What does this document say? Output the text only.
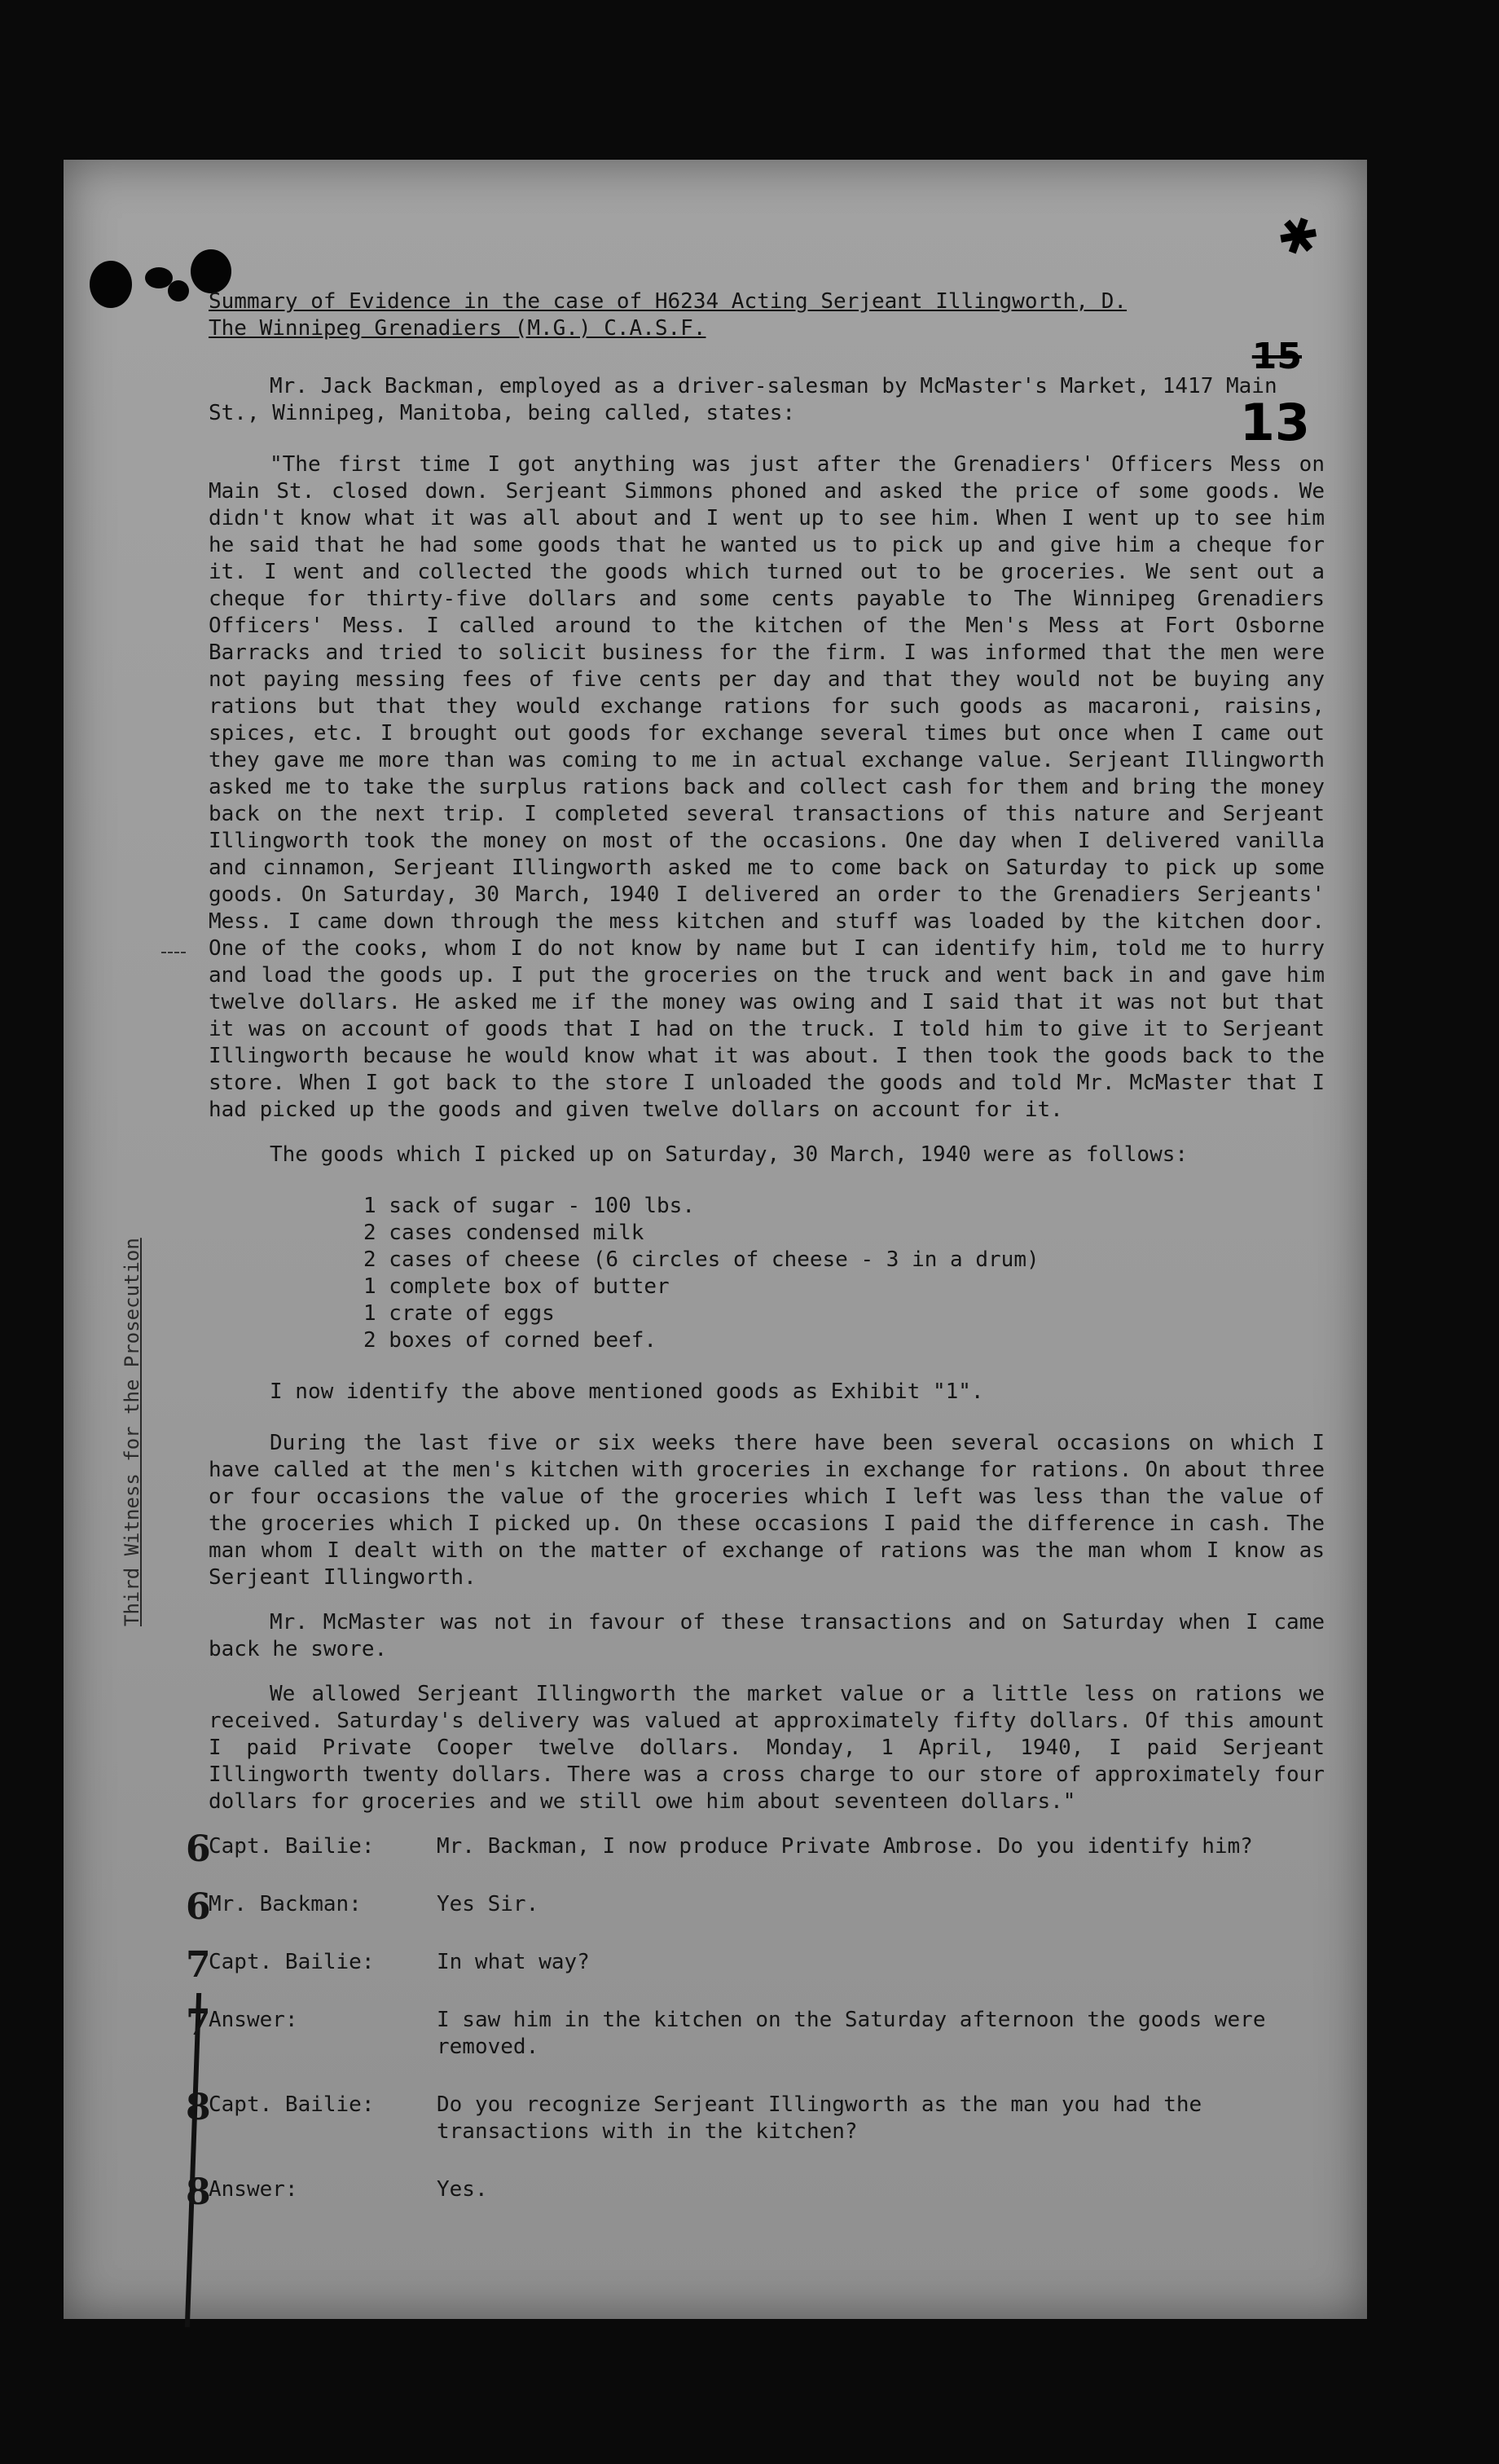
✱
15
13
Third Witness for the Prosecution
Summary of Evidence in the case of H6234 Acting Serjeant Illingworth, D.
The Winnipeg Grenadiers (M.G.) C.A.S.F.

Mr. Jack Backman, employed as a driver-salesman by McMaster's Market, 1417 Main St., Winnipeg, Manitoba, being called, states:

"The first time I got anything was just after the Grenadiers' Officers Mess on Main St. closed down. Serjeant Simmons phoned and asked the price of some goods. We didn't know what it was all about and I went up to see him. When I went up to see him he said that he had some goods that he wanted us to pick up and give him a cheque for it. I went and collected the goods which turned out to be groceries. We sent out a cheque for thirty-five dollars and some cents payable to The Winnipeg Grenadiers Officers' Mess. I called around to the kitchen of the Men's Mess at Fort Osborne Barracks and tried to solicit business for the firm. I was informed that the men were not paying messing fees of five cents per day and that they would not be buying any rations but that they would exchange rations for such goods as macaroni, raisins, spices, etc. I brought out goods for exchange several times but once when I came out they gave me more than was coming to me in actual exchange value. Serjeant Illingworth asked me to take the surplus rations back and collect cash for them and bring the money back on the next trip. I completed several transactions of this nature and Serjeant Illingworth took the money on most of the occasions. One day when I delivered vanilla and cinnamon, Serjeant Illingworth asked me to come back on Saturday to pick up some goods. On Saturday, 30 March, 1940 I delivered an order to the Grenadiers Serjeants' Mess. I came down through the mess kitchen and stuff was loaded by the kitchen door. One of the cooks, whom I do not know by name but I can identify him, told me to hurry and load the goods up. I put the groceries on the truck and went back in and gave him twelve dollars. He asked me if the money was owing and I said that it was not but that it was on account of goods that I had on the truck. I told him to give it to Serjeant Illingworth because he would know what it was about. I then took the goods back to the store. When I got back to the store I unloaded the goods and told Mr. McMaster that I had picked up the goods and given twelve dollars on account for it.

The goods which I picked up on Saturday, 30 March, 1940 were as follows:

1 sack of sugar - 100 lbs.
2 cases condensed milk
2 cases of cheese (6 circles of cheese - 3 in a drum)
1 complete box of butter
1 crate of eggs
2 boxes of corned beef.

I now identify the above mentioned goods as Exhibit "1".

During the last five or six weeks there have been several occasions on which I have called at the men's kitchen with groceries in exchange for rations. On about three or four occasions the value of the groceries which I left was less than the value of the groceries which I picked up. On these occasions I paid the difference in cash. The man whom I dealt with on the matter of exchange of rations was the man whom I know as Serjeant Illingworth.

Mr. McMaster was not in favour of these transactions and on Saturday when I came back he swore.

We allowed Serjeant Illingworth the market value or a little less on rations we received. Saturday's delivery was valued at approximately fifty dollars. Of this amount I paid Private Cooper twelve dollars. Monday, 1 April, 1940, I paid Serjeant Illingworth twenty dollars. There was a cross charge to our store of approximately four dollars for groceries and we still owe him about seventeen dollars."

6
Capt. Bailie:	Mr. Backman, I now produce Private Ambrose. Do you identify him?
6
Mr. Backman:	Yes Sir.
7
Capt. Bailie:	In what way?
7
Answer:	I saw him in the kitchen on the Saturday afternoon the goods were removed.
8
Capt. Bailie:	Do you recognize Serjeant Illingworth as the man you had the transactions with in the kitchen?
8
Answer:	Yes.
